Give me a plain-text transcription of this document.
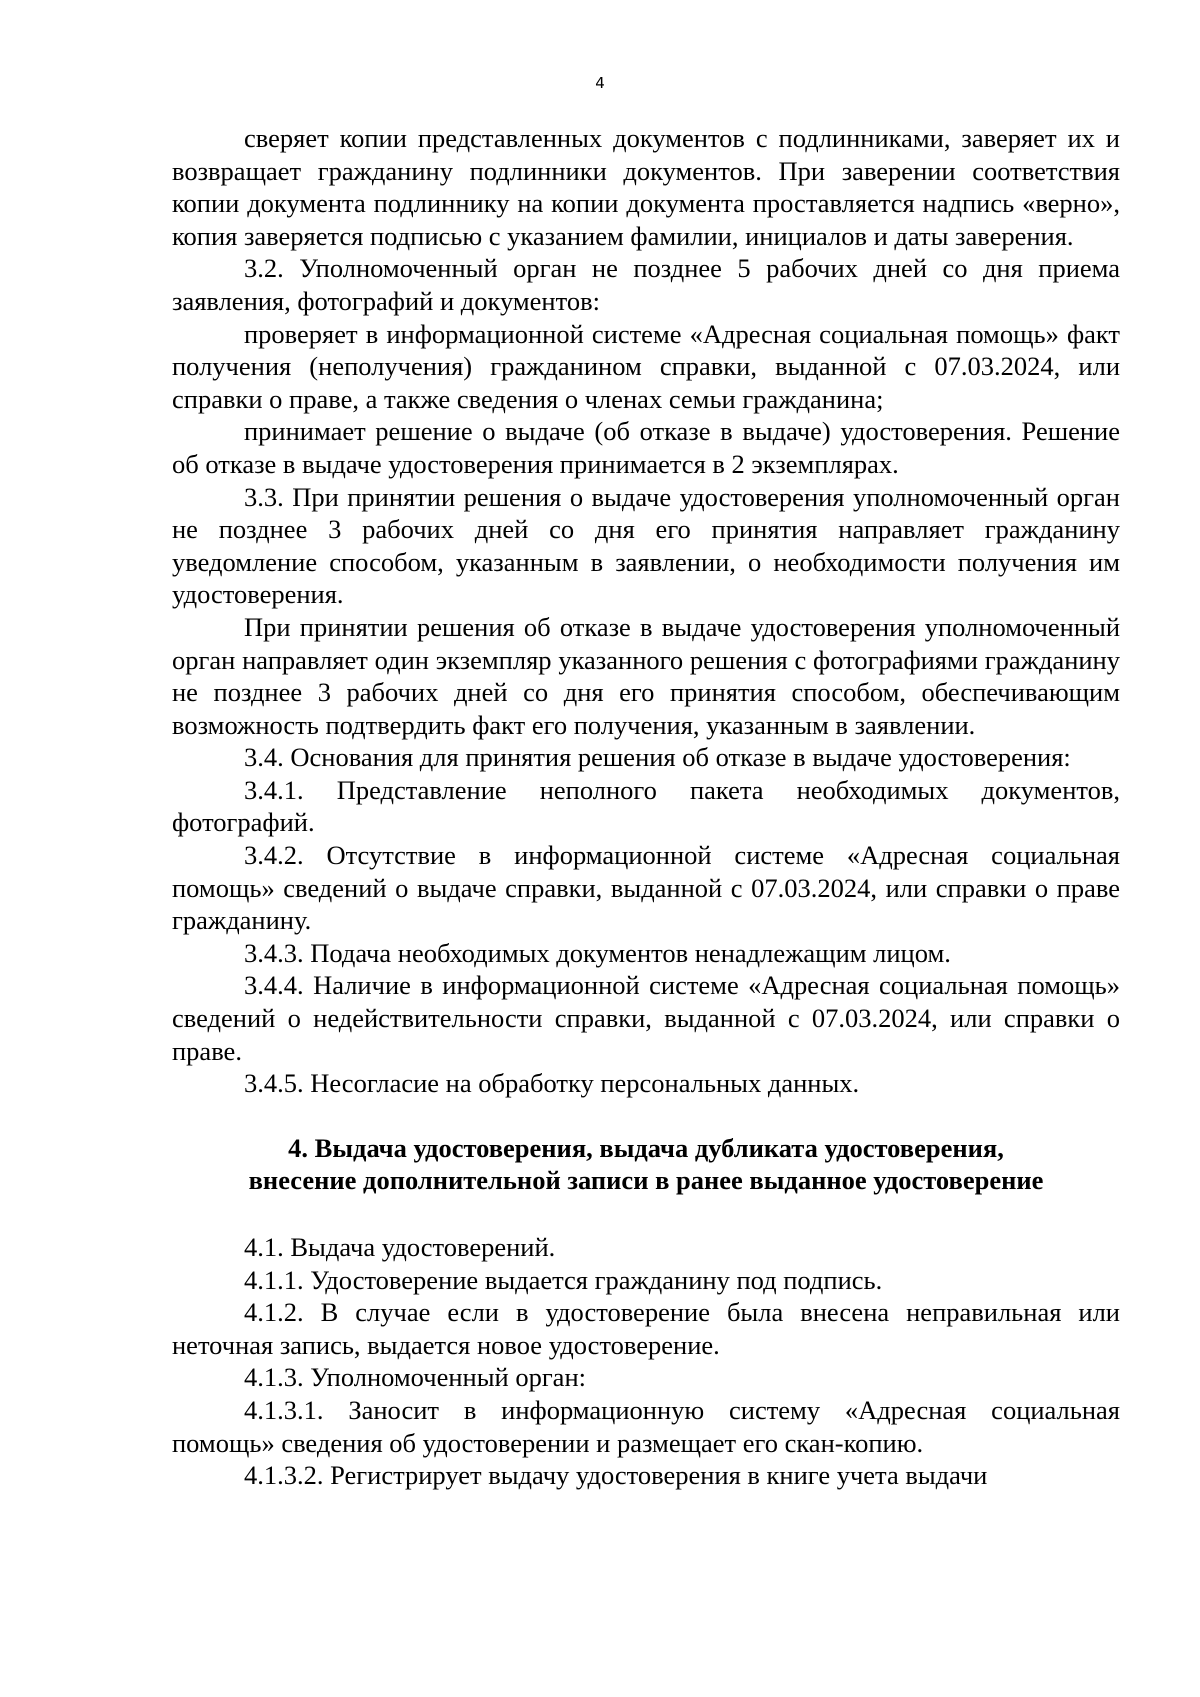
4

сверяет копии представленных документов с подлинниками, заверяет их и возвращает гражданину подлинники документов. При заверении соответствия копии документа подлиннику на копии документа проставляется надпись «верно», копия заверяется подписью с указанием фамилии, инициалов и даты заверения.

3.2. Уполномоченный орган не позднее 5 рабочих дней со дня приема заявления, фотографий и документов:

проверяет в информационной системе «Адресная социальная помощь» факт получения (неполучения) гражданином справки, выданной с 07.03.2024, или справки о праве, а также сведения о членах семьи гражданина;

принимает решение о выдаче (об отказе в выдаче) удостоверения. Решение об отказе в выдаче удостоверения принимается в 2 экземплярах.

3.3. При принятии решения о выдаче удостоверения уполномоченный орган не позднее 3 рабочих дней со дня его принятия направляет гражданину уведомление способом, указанным в заявлении, о необходимости получения им удостоверения.

При принятии решения об отказе в выдаче удостоверения уполномоченный орган направляет один экземпляр указанного решения с фотографиями гражданину не позднее 3 рабочих дней со дня его принятия способом, обеспечивающим возможность подтвердить факт его получения, указанным в заявлении.

3.4. Основания для принятия решения об отказе в выдаче удостоверения:

3.4.1. Представление неполного пакета необходимых документов, фотографий.

3.4.2. Отсутствие в информационной системе «Адресная социальная помощь» сведений о выдаче справки, выданной с 07.03.2024, или справки о праве гражданину.

3.4.3. Подача необходимых документов ненадлежащим лицом.

3.4.4. Наличие в информационной системе «Адресная социальная помощь» сведений о недействительности справки, выданной с 07.03.2024, или справки о праве.

3.4.5. Несогласие на обработку персональных данных.

4. Выдача удостоверения, выдача дубликата удостоверения,

внесение дополнительной записи в ранее выданное удостоверение

4.1. Выдача удостоверений.

4.1.1. Удостоверение выдается гражданину под подпись.

4.1.2. В случае если в удостоверение была внесена неправильная или неточная запись, выдается новое удостоверение.

4.1.3. Уполномоченный орган:

4.1.3.1. Заносит в информационную систему «Адресная социальная помощь» сведения об удостоверении и размещает его скан-копию.

4.1.3.2. Регистрирует выдачу удостоверения в книге учета выдачи
